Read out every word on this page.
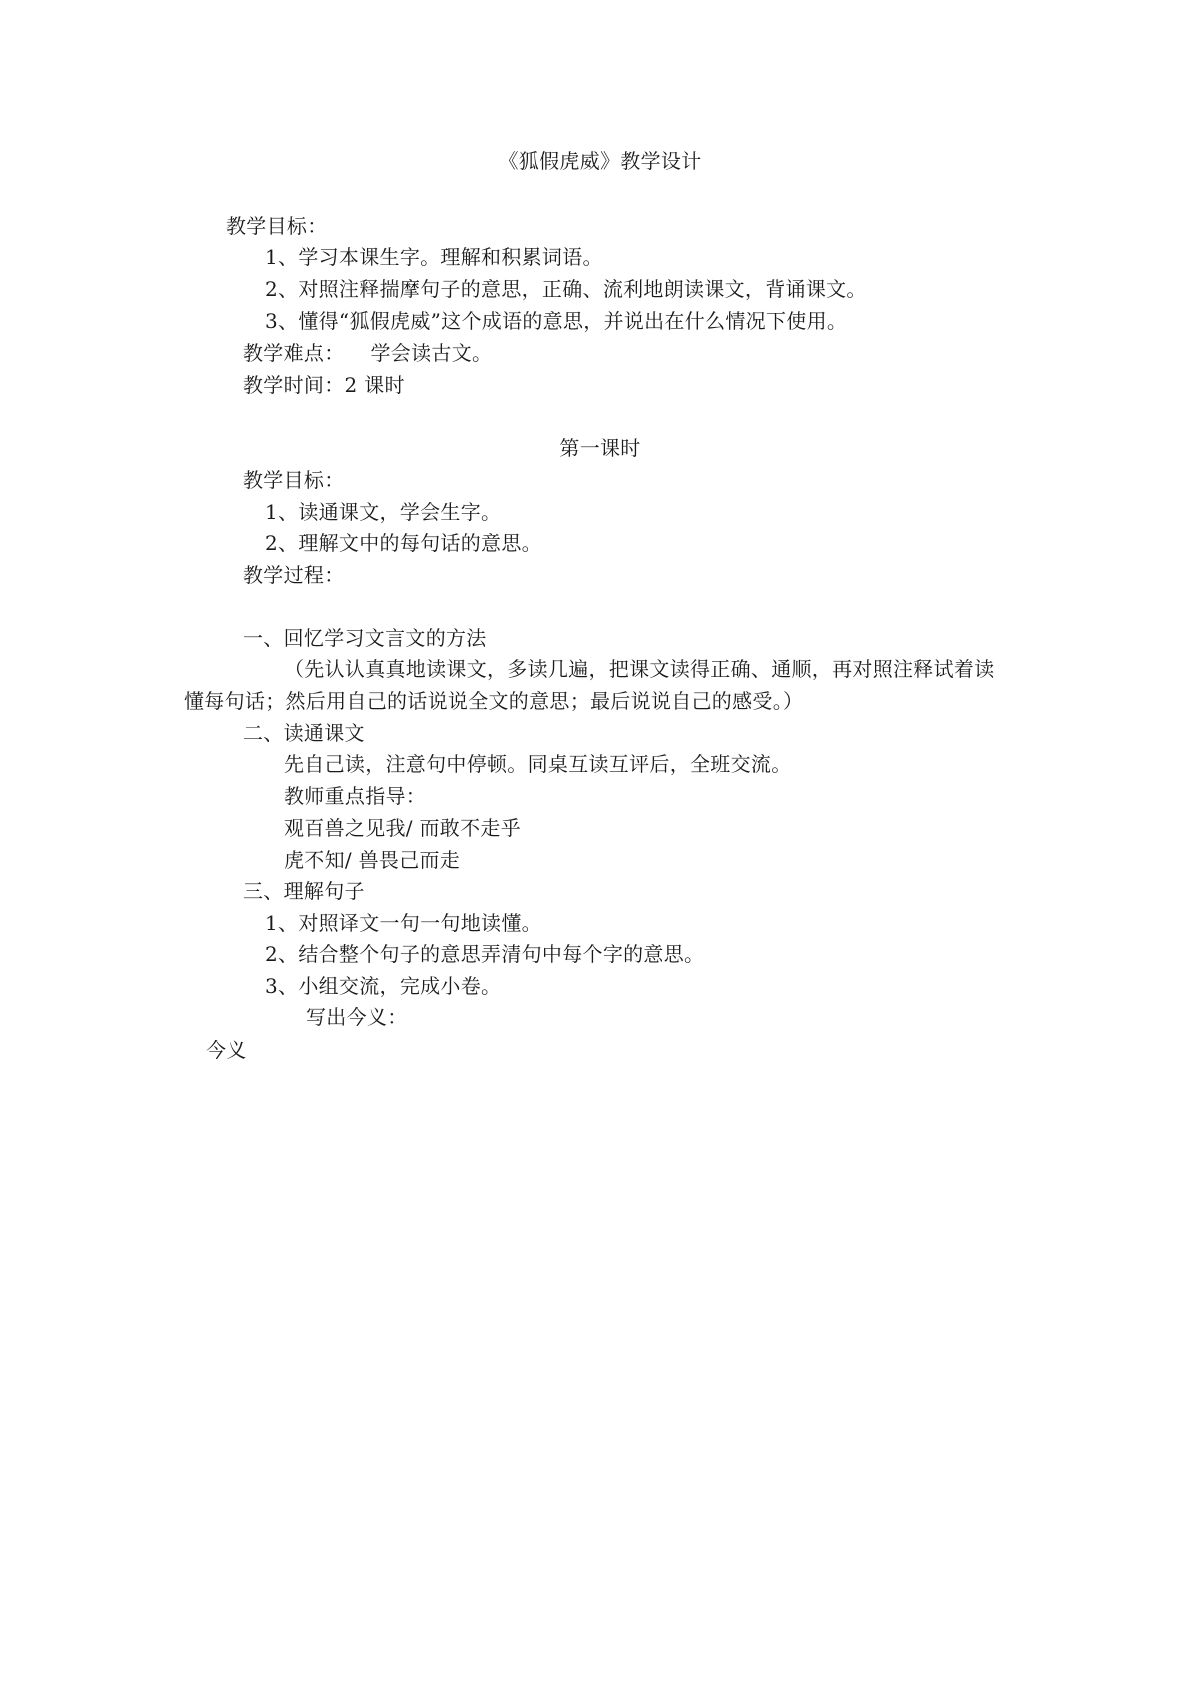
《狐假虎威》教学设计
教学目标：
1、学习本课生字。理解和积累词语。
2、对照注释揣摩句子的意思，正确、流利地朗读课文，背诵课文。
3、懂得“狐假虎威”这个成语的意思，并说出在什么情况下使用。
教学难点： 学会读古文。
教学时间：2 课时
第一课时
教学目标：
1、读通课文，学会生字。
2、理解文中的每句话的意思。
教学过程：
一、回忆学习文言文的方法
（先认认真真地读课文，多读几遍，把课文读得正确、通顺，再对照注释试着读
懂每句话；然后用自己的话说说全文的意思；最后说说自己的感受。）
二、读通课文
先自己读，注意句中停顿。同桌互读互评后，全班交流。
教师重点指导：
观百兽之见我/ 而敢不走乎
虎不知/ 兽畏己而走
三、理解句子
1、对照译文一句一句地读懂。
2、结合整个句子的意思弄清句中每个字的意思。
3、小组交流，完成小卷。
写出今义：
今义
